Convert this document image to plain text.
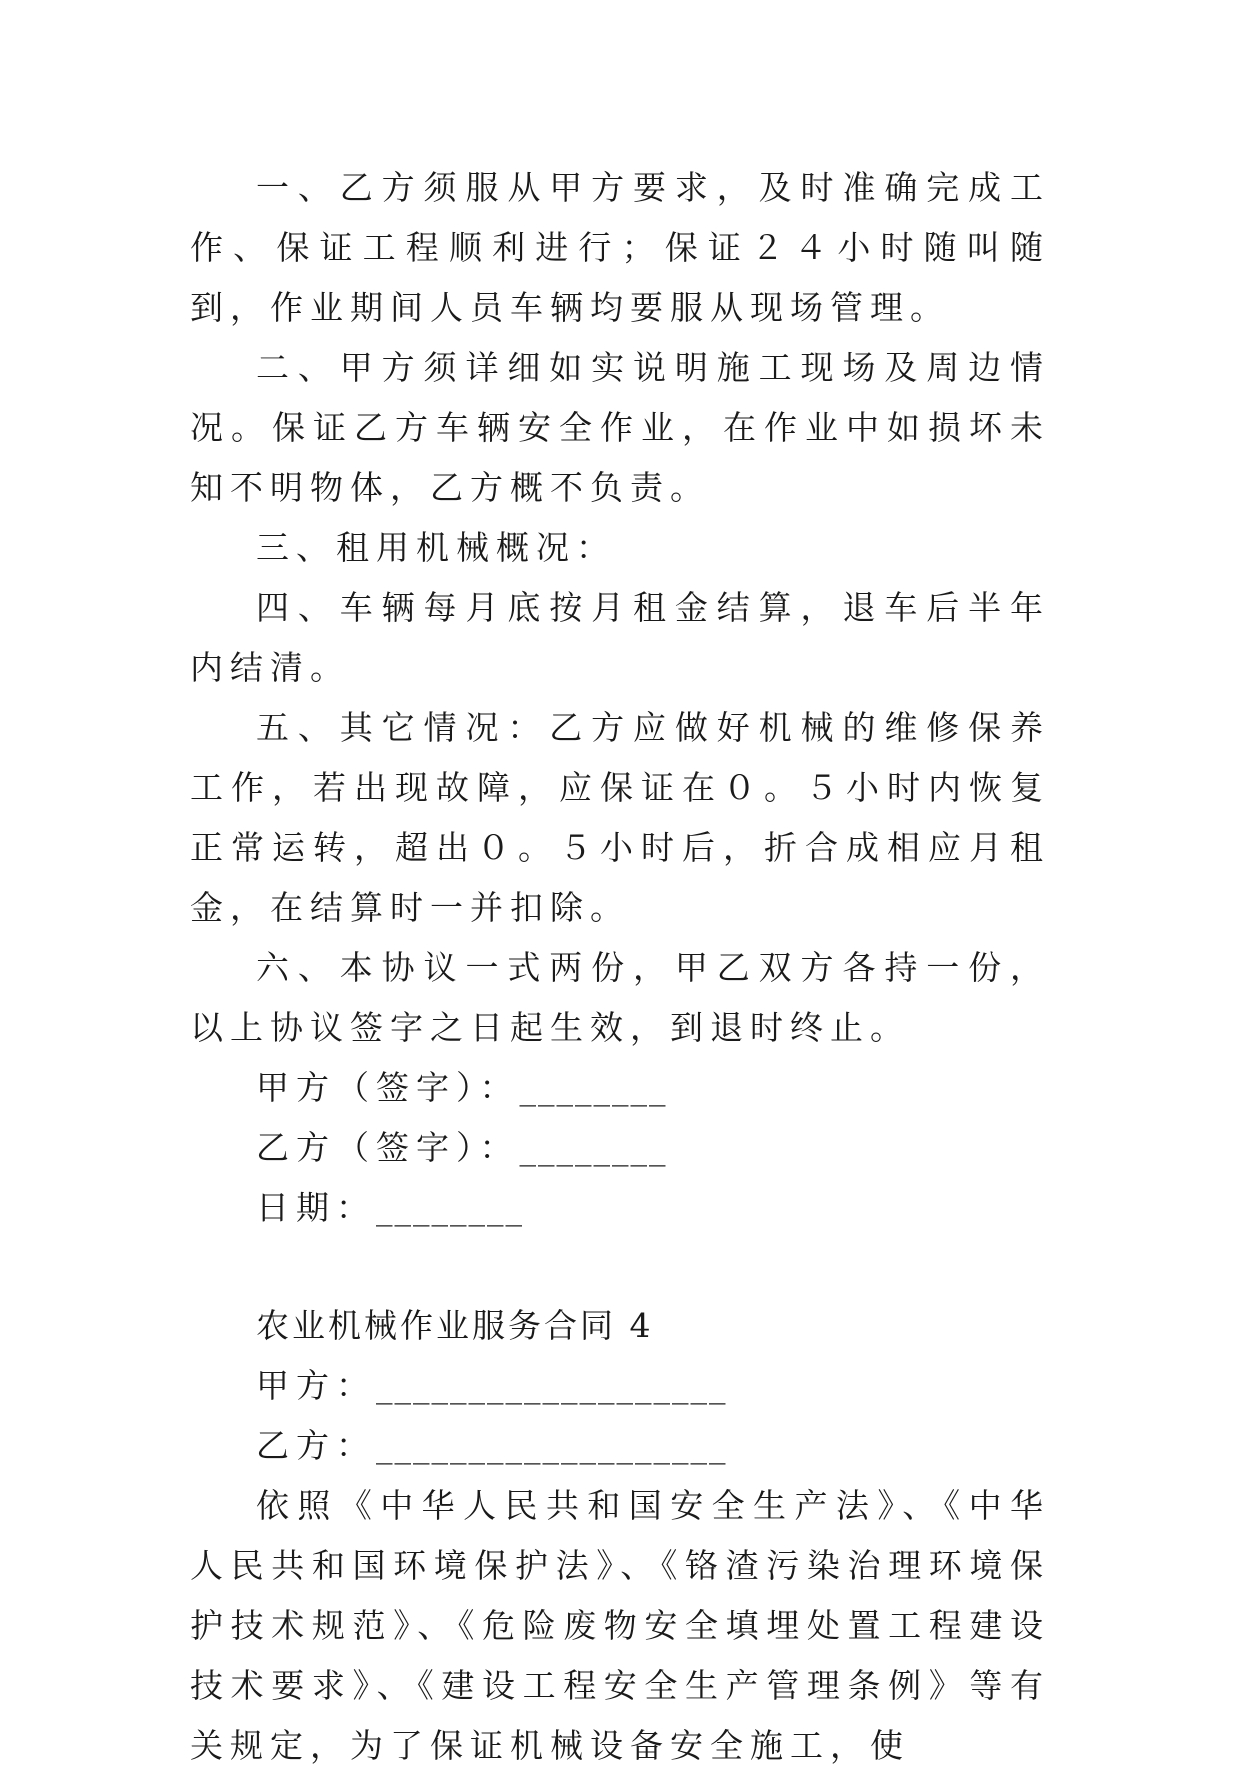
一、乙方须服从甲方要求，及时准确完成工作、保证工程顺利进行；保证２４小时随叫随到，作业期间人员车辆均要服从现场管理。

二、甲方须详细如实说明施工现场及周边情况。保证乙方车辆安全作业，在作业中如损坏未知不明物体，乙方概不负责。

三、租用机械概况：

四、车辆每月底按月租金结算，退车后半年内结清。

五、其它情况：乙方应做好机械的维修保养工作，若出现故障，应保证在０。５小时内恢复正常运转，超出０。５小时后，折合成相应月租金，在结算时一并扣除。

六、本协议一式两份，甲乙双方各持一份，以上协议签字之日起生效，到退时终止。

甲方（签字）：________
乙方（签字）：________
日期：________

农业机械作业服务合同 4

甲方：___________________
乙方：___________________

依照《中华人民共和国安全生产法》、《中华人民共和国环境保护法》、《铬渣污染治理环境保护技术规范》、《危险废物安全填埋处置工程建设技术要求》、《建设工程安全生产管理条例》等有关规定，为了保证机械设备安全施工，使
